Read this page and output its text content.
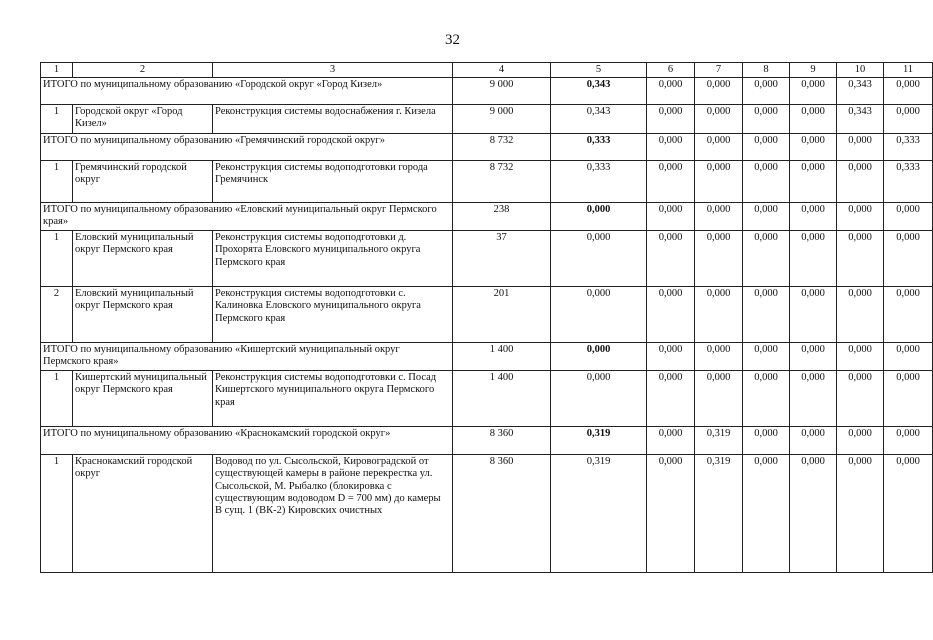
32
1	2	3	4	5	6	7	8	9	10	11
ИТОГО по муниципальному образованию «Городской округ «Город Кизел»			9 000	0,343	0,000	0,000	0,000	0,000	0,343	0,000
1	Городской округ «Город Кизел»	Реконструкция системы водоснабжения г. Кизела	9 000	0,343	0,000	0,000	0,000	0,000	0,343	0,000
ИТОГО по муниципальному образованию «Гремячинский городской округ»			8 732	0,333	0,000	0,000	0,000	0,000	0,000	0,333
1	Гремячинский городской округ	Реконструкция системы водоподготовки города Гремячинск	8 732	0,333	0,000	0,000	0,000	0,000	0,000	0,333
ИТОГО по муниципальному образованию «Еловский муниципальный округ Пермского края»			238	0,000	0,000	0,000	0,000	0,000	0,000	0,000
1	Еловский муниципальный округ Пермского края	Реконструкция системы водоподготовки д. Прохорята Еловского муниципального округа Пермского края	37	0,000	0,000	0,000	0,000	0,000	0,000	0,000
2	Еловский муниципальный округ Пермского края	Реконструкция системы водоподготовки с. Калиновка Еловского муниципального округа Пермского края	201	0,000	0,000	0,000	0,000	0,000	0,000	0,000
ИТОГО по муниципальному образованию «Кишертский муниципальный округ Пермского края»			1 400	0,000	0,000	0,000	0,000	0,000	0,000	0,000
1	Кишертский муниципальный округ Пермского края	Реконструкция системы водоподготовки с. Посад Кишертского муниципального округа Пермского края	1 400	0,000	0,000	0,000	0,000	0,000	0,000	0,000
ИТОГО по муниципальному образованию «Краснокамский городской округ»			8 360	0,319	0,000	0,319	0,000	0,000	0,000	0,000
1	Краснокамский городской округ	Водовод по ул. Сысольской, Кировоградской от существующей камеры в районе перекрестка ул. Сысольской, М. Рыбалко (блокировка с существующим водоводом D = 700 мм) до камеры В сущ. 1 (ВК-2) Кировских очистных	8 360	0,319	0,000	0,319	0,000	0,000	0,000	0,000
